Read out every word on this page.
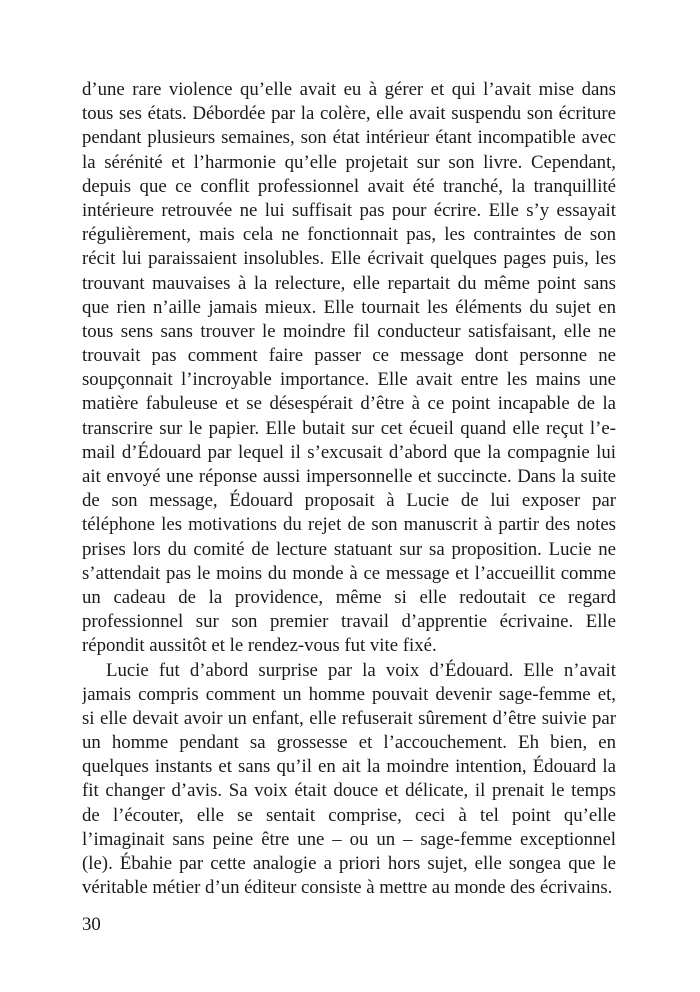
d’une rare violence qu’elle avait eu à gérer et qui l’avait mise dans
tous ses états. Débordée par la colère, elle avait suspendu son écriture
pendant plusieurs semaines, son état intérieur étant incompatible avec
la sérénité et l’harmonie qu’elle projetait sur son livre. Cependant,
depuis que ce conflit professionnel avait été tranché, la tranquillité
intérieure retrouvée ne lui suffisait pas pour écrire. Elle s’y essayait
régulièrement, mais cela ne fonctionnait pas, les contraintes de son
récit lui paraissaient insolubles. Elle écrivait quelques pages puis, les
trouvant mauvaises à la relecture, elle repartait du même point sans
que rien n’aille jamais mieux. Elle tournait les éléments du sujet en
tous sens sans trouver le moindre fil conducteur satisfaisant, elle ne
trouvait pas comment faire passer ce message dont personne ne
soupçonnait l’incroyable importance. Elle avait entre les mains une
matière fabuleuse et se désespérait d’être à ce point incapable de la
transcrire sur le papier. Elle butait sur cet écueil quand elle reçut l’e-
mail d’Édouard par lequel il s’excusait d’abord que la compagnie lui
ait envoyé une réponse aussi impersonnelle et succincte. Dans la suite
de son message, Édouard proposait à Lucie de lui exposer par
téléphone les motivations du rejet de son manuscrit à partir des notes
prises lors du comité de lecture statuant sur sa proposition. Lucie ne
s’attendait pas le moins du monde à ce message et l’accueillit comme
un cadeau de la providence, même si elle redoutait ce regard
professionnel sur son premier travail d’apprentie écrivaine. Elle
répondit aussitôt et le rendez-vous fut vite fixé.
Lucie fut d’abord surprise par la voix d’Édouard. Elle n’avait
jamais compris comment un homme pouvait devenir sage-femme et,
si elle devait avoir un enfant, elle refuserait sûrement d’être suivie par
un homme pendant sa grossesse et l’accouchement. Eh bien, en
quelques instants et sans qu’il en ait la moindre intention, Édouard la
fit changer d’avis. Sa voix était douce et délicate, il prenait le temps
de l’écouter, elle se sentait comprise, ceci à tel point qu’elle
l’imaginait sans peine être une – ou un – sage-femme exceptionnel
(le). Ébahie par cette analogie a priori hors sujet, elle songea que le
véritable métier d’un éditeur consiste à mettre au monde des écrivains.
30
